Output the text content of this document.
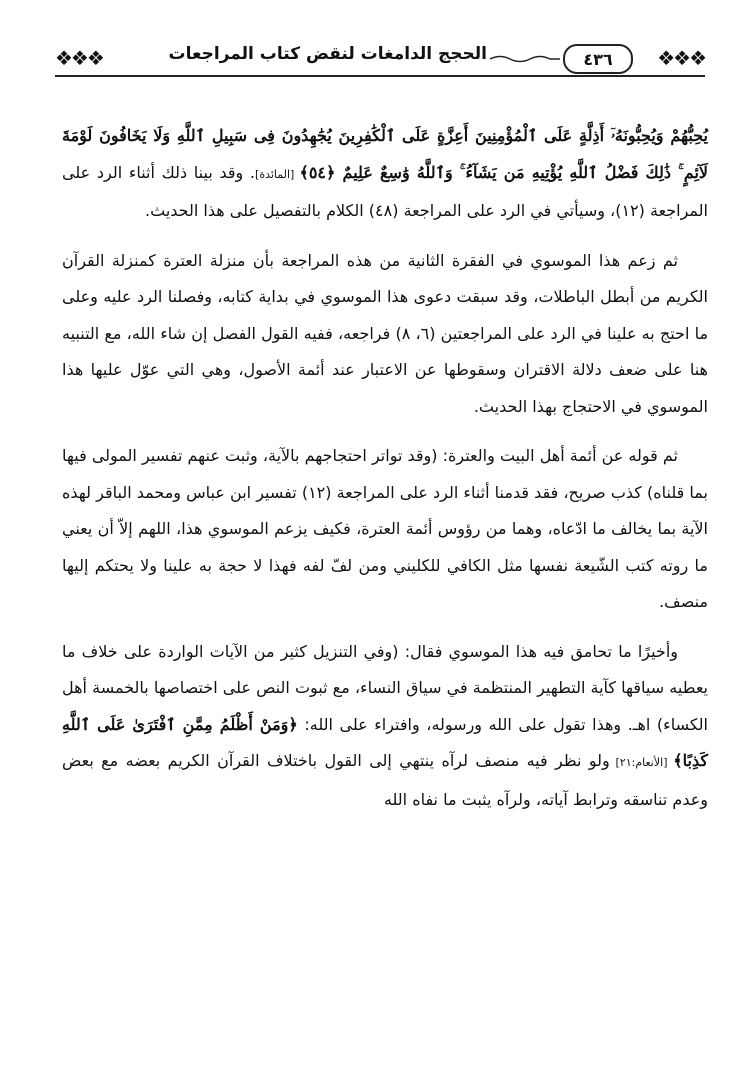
❖❖❖
٤٣٦
الحجج الدامغات لنقض كتاب المراجعات
❖❖❖

يُحِبُّهُمْ وَيُحِبُّونَهُۥٓ أَذِلَّةٍ عَلَى ٱلْمُؤْمِنِينَ أَعِزَّةٍ عَلَى ٱلْكَٰفِرِينَ يُجَٰهِدُونَ فِى سَبِيلِ ٱللَّهِ وَلَا يَخَافُونَ لَوْمَةَ لَآئِمٍ ۚ ذَٰلِكَ فَضْلُ ٱللَّهِ يُؤْتِيهِ مَن يَشَآءُ ۚ وَٱللَّهُ وَٰسِعٌ عَلِيمٌ ﴿٥٤﴾ [المائدة]. وقد بينا ذلك أثناء الرد على المراجعة (١٢)، وسيأتي في الرد على المراجعة (٤٨) الكلام بالتفصيل على هذا الحديث.

ثم زعم هذا الموسوي في الفقرة الثانية من هذه المراجعة بأن منزلة العترة كمنزلة القرآن الكريم من أبطل الباطلات، وقد سبقت دعوى هذا الموسوي في بداية كتابه، وفصلنا الرد عليه وعلى ما احتج به علينا في الرد على المراجعتين (٦، ٨) فراجعه، ففيه القول الفصل إن شاء الله، مع التنبيه هنا على ضعف دلالة الاقتران وسقوطها عن الاعتبار عند أئمة الأصول، وهي التي عوّل عليها هذا الموسوي في الاحتجاج بهذا الحديث.

ثم قوله عن أئمة أهل البيت والعترة: (وقد تواتر احتجاجهم بالآية، وثبت عنهم تفسير المولى فيها بما قلناه) كذب صريح، فقد قدمنا أثناء الرد على المراجعة (١٢) تفسير ابن عباس ومحمد الباقر لهذه الآية بما يخالف ما ادّعاه، وهما من رؤوس أئمة العترة، فكيف يزعم الموسوي هذا، اللهم إلاّ أن يعني ما روته كتب الشّيعة نفسها مثل الكافي للكليني ومن لفّ لفه فهذا لا حجة به علينا ولا يحتكم إليها منصف.

وأخيرًا ما تحامق فيه هذا الموسوي فقال: (وفي التنزيل كثير من الآيات الواردة على خلاف ما يعطيه سياقها كآية التطهير المنتظمة في سياق النساء، مع ثبوت النص على اختصاصها بالخمسة أهل الكساء) اهـ. وهذا تقول على الله ورسوله، وافتراء على الله: ﴿وَمَنْ أَظْلَمُ مِمَّنِ ٱفْتَرَىٰ عَلَى ٱللَّهِ كَذِبًا﴾ [الأنعام:٢١] ولو نظر فيه منصف لرآه ينتهي إلى القول باختلاف القرآن الكريم بعضه مع بعض وعدم تناسقه وترابط آياته، ولرآه يثبت ما نفاه الله
